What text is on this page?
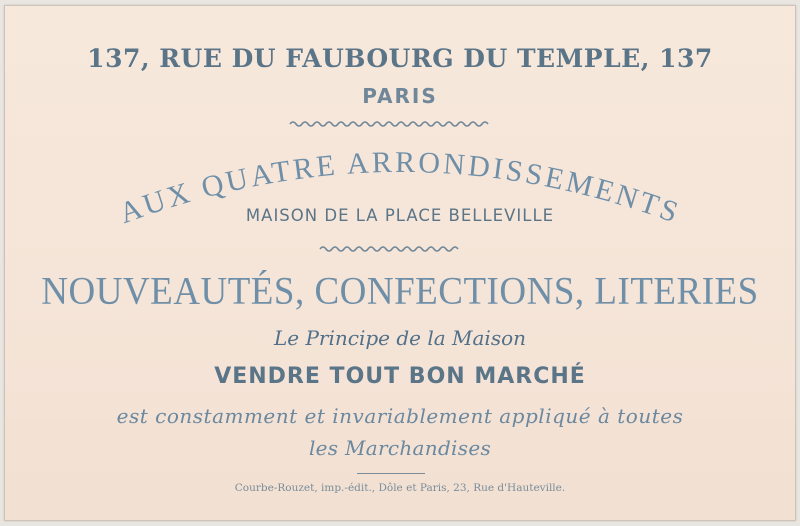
137, RUE DU FAUBOURG DU TEMPLE, 137
PARIS
AUX QUATRE ARRONDISSEMENTS
MAISON DE LA PLACE BELLEVILLE
NOUVEAUTÉS, CONFECTIONS, LITERIES
Le Principe de la Maison
VENDRE TOUT BON MARCHÉ
est constamment et invariablement appliqué à toutes
les Marchandises
Courbe-Rouzet, imp.-édit., Dôle et Paris, 23, Rue d'Hauteville.
